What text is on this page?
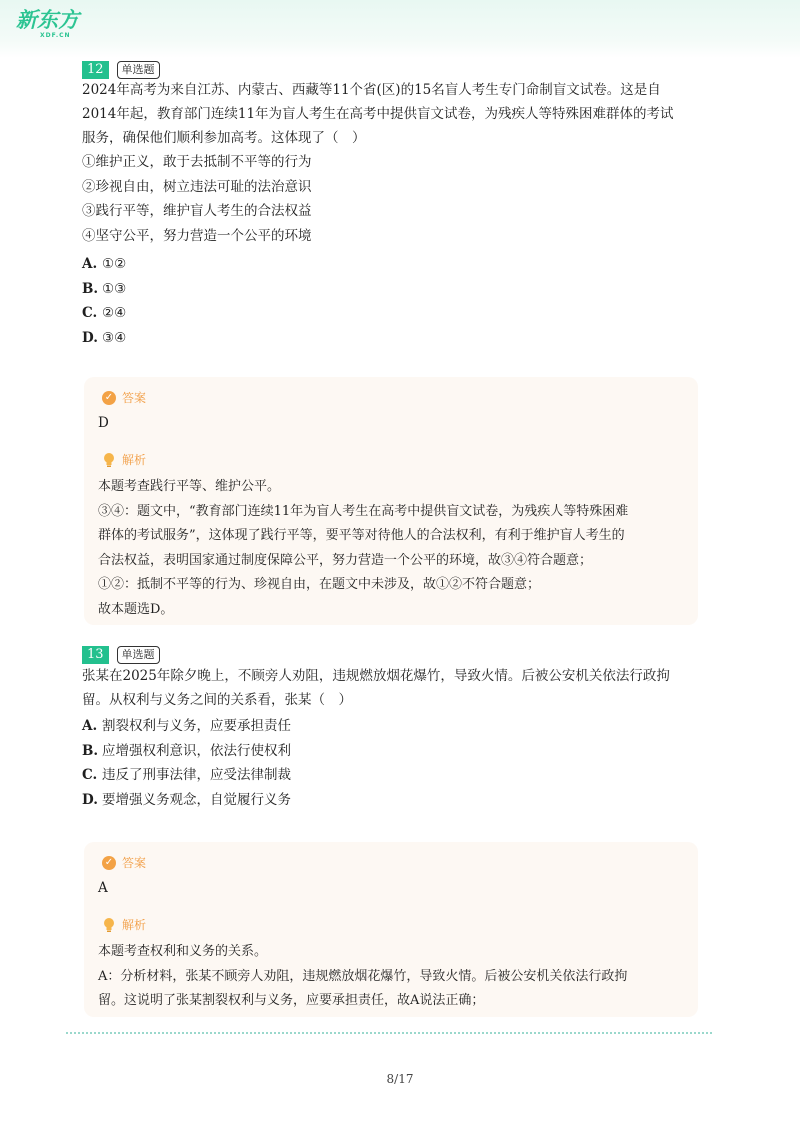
新东方
XDF.CN
12	单选题

2024年高考为来自江苏、内蒙古、西藏等11个省(区)的15名盲人考生专门命制盲文试卷。这是自

2014年起，教育部门连续11年为盲人考生在高考中提供盲文试卷，为残疾人等特殊困难群体的考试

服务，确保他们顺利参加高考。这体现了（　）

①维护正义，敢于去抵制不平等的行为

②珍视自由，树立违法可耻的法治意识

③践行平等，维护盲人考生的合法权益

④坚守公平，努力营造一个公平的环境

A. ①②
B. ①③
C. ②④
D. ③④
✓ 答案
D
解析

本题考查践行平等、维护公平。

③④：题文中，“教育部门连续11年为盲人考生在高考中提供盲文试卷，为残疾人等特殊困难

群体的考试服务”，这体现了践行平等，要平等对待他人的合法权利，有利于维护盲人考生的

合法权益，表明国家通过制度保障公平，努力营造一个公平的环境，故③④符合题意；

①②：抵制不平等的行为、珍视自由，在题文中未涉及，故①②不符合题意；

故本题选D。

13	单选题

张某在2025年除夕晚上，不顾旁人劝阻，违规燃放烟花爆竹，导致火情。后被公安机关依法行政拘

留。从权利与义务之间的关系看，张某（　）

A. 割裂权利与义务，应要承担责任
B. 应增强权利意识，依法行使权利
C. 违反了刑事法律，应受法律制裁
D. 要增强义务观念，自觉履行义务
✓ 答案
A
解析

本题考查权利和义务的关系。

A：分析材料，张某不顾旁人劝阻，违规燃放烟花爆竹，导致火情。后被公安机关依法行政拘

留。这说明了张某割裂权利与义务，应要承担责任，故A说法正确；

8/17
